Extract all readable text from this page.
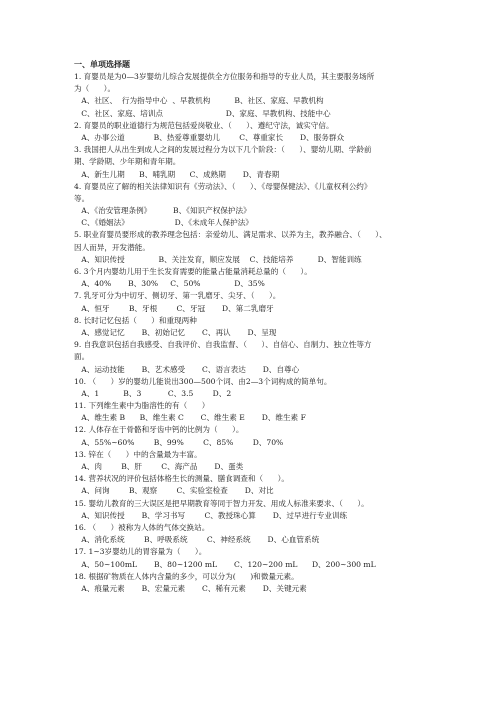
一、单项选择题
1. 育婴员是为0—3岁婴幼儿综合发展提供全方位服务和指导的专业人员，其主要服务场所
为（      ）。
A、社区、  行为指导中心  、早教机构          B、社区、家庭、早教机构
C、社区、家庭、培训点                          D、家庭、早教机构、技能中心
2. 育婴员的职业道德行为规范包括爱岗敬业、（      ）、遵纪守法，诚实守信。
A、办事公道            B、热爱尊重婴幼儿        C、尊重家长       D、服务群众
3. 我国把人从出生到成人之间的发展过程分为以下几个阶段：（      ）、婴幼儿期、学龄前
期、学龄期、少年期和青年期。
A、新生儿期      B、哺乳期      C、成熟期       D、青春期
4. 育婴员应了解的相关法律知识有《劳动法》、（      ）、《母婴保健法》、《儿童权利公约》
等。
A、《治安管理条例》         B、《知识产权保护法》
C、《婚姻法》                   D、《未成年人保护法》
5. 职业育婴员要形成的教养理念包括：亲爱幼儿、满足需求、以养为主，教养融合、（      ）、
因人而异，开发潜能。
A、知识传授              B、关注发育，顺应发展    C、技能培养          D、智能训练
6. 3个月内婴幼儿用于生长发育需要的能量占能量消耗总量的（      ）。
A、40%       B、30%     C、50%              D、35%
7. 乳牙可分为中切牙、侧切牙、第一乳磨牙、尖牙、（      ）。
A、恒牙        B、牙根        C、牙冠       D、第二乳磨牙
8. 长时记忆包括（      ）和重现两种
A、感觉记忆       B、初始记忆       C、再认       D、呈现
9. 自我意识包括自我感受、自我评价、自我监督、（      ）、自信心、自制力、独立性等方
面。
A、运动技能       B、艺术感受       C、语言表达       D、自尊心
10. （      ）岁的婴幼儿能说出300—500个词、由2—3个词构成的简单句。
A、1          B、3           C、3.5        D、2
11. 下列维生素中为脂溶性的有（      ）
A、维生素 B      B、维生素 C       C、维生素 E       D、维生素 F
12. 人体存在于骨骼和牙齿中钙的比例为（      ）。
A、55%~60%        B、99%        C、85%        D、70%
13. 锌在（      ）中的含量最为丰富。
A、肉        B、肝        C、海产品       D、蛋类
14. 营养状况的评价包括体格生长的测量、膳食调查和（      ）。
A、问询        B、观察        C、实验室检查       D、对比
15. 婴幼儿教育的三大误区是把早期教育等同于智力开发、用成人标准来要求、（      ）。
A、知识传授       B、学习书写        C、教授珠心算       D、过早进行专业训练
16. （      ）被称为人体的气体交换站。
A、消化系统        B、呼吸系统        C、神经系统       D、心血管系统
17. 1~3岁婴幼儿的胃容量为（      ）。
A、50~100mL       B、80~1200 mL       C、120~200 mL      D、200~300 mL
18. 根据矿物质在人体内含量的多少，可以分为(      )和微量元素。
A、痕量元素       B、宏量元素       C、稀有元素       D、关键元素
